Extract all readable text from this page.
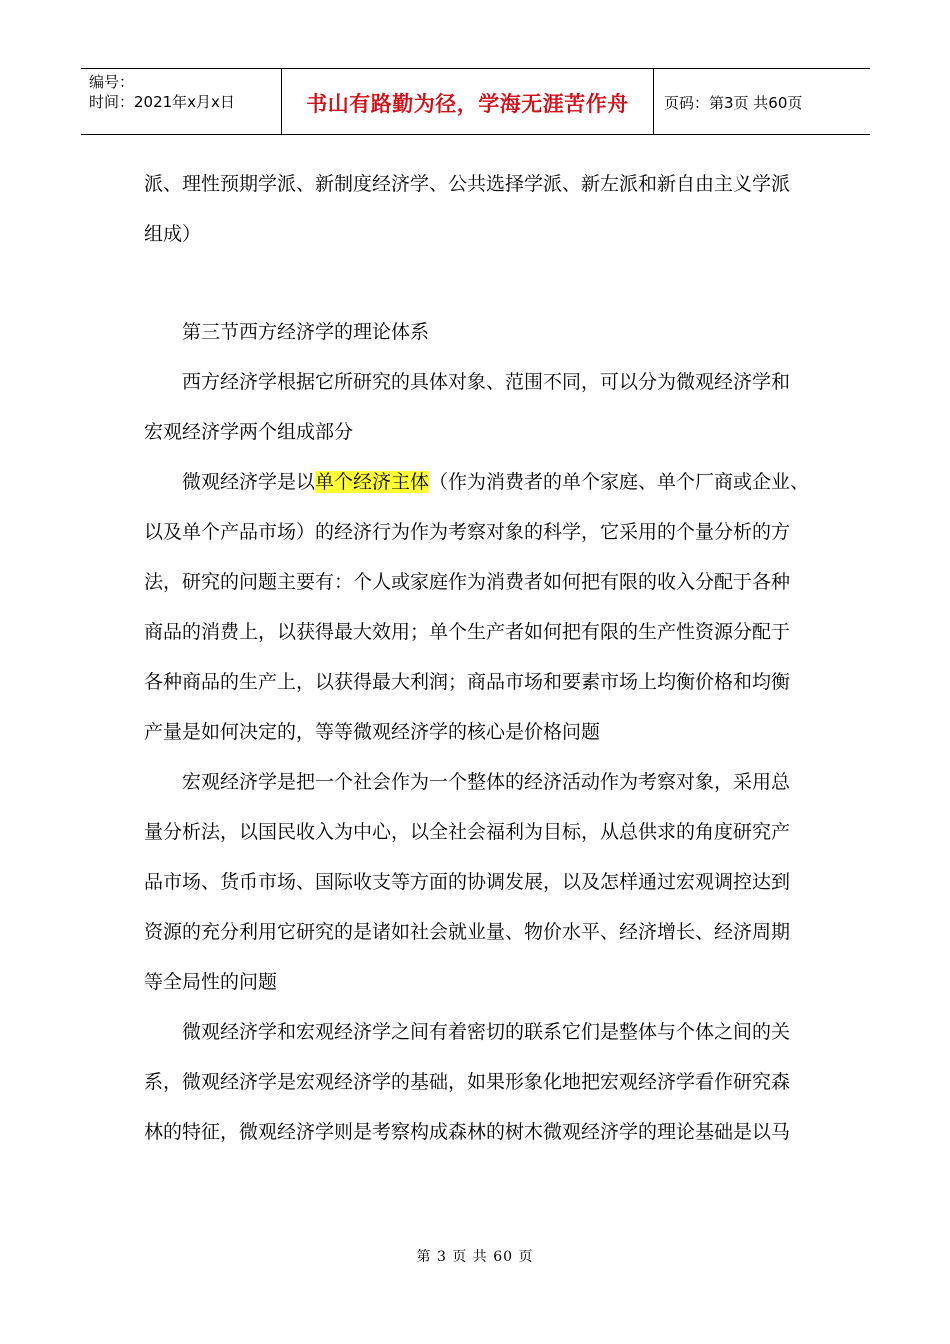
编号：
时间：2021年x月x日	书山有路勤为径，学海无涯苦作舟	页码：第3页 共60页
派、理性预期学派、新制度经济学、公共选择学派、新左派和新自由主义学派
组成）
第三节西方经济学的理论体系
西方经济学根据它所研究的具体对象、范围不同，可以分为微观经济学和
宏观经济学两个组成部分
微观经济学是以单个经济主体（作为消费者的单个家庭、单个厂商或企业、
以及单个产品市场）的经济行为作为考察对象的科学，它采用的个量分析的方
法，研究的问题主要有：个人或家庭作为消费者如何把有限的收入分配于各种
商品的消费上，以获得最大效用；单个生产者如何把有限的生产性资源分配于
各种商品的生产上，以获得最大利润；商品市场和要素市场上均衡价格和均衡
产量是如何决定的，等等微观经济学的核心是价格问题
宏观经济学是把一个社会作为一个整体的经济活动作为考察对象，采用总
量分析法，以国民收入为中心，以全社会福利为目标，从总供求的角度研究产
品市场、货币市场、国际收支等方面的协调发展，以及怎样通过宏观调控达到
资源的充分利用它研究的是诸如社会就业量、物价水平、经济增长、经济周期
等全局性的问题
微观经济学和宏观经济学之间有着密切的联系它们是整体与个体之间的关
系，微观经济学是宏观经济学的基础，如果形象化地把宏观经济学看作研究森
林的特征，微观经济学则是考察构成森林的树木微观经济学的理论基础是以马
第 3 页 共 60 页
